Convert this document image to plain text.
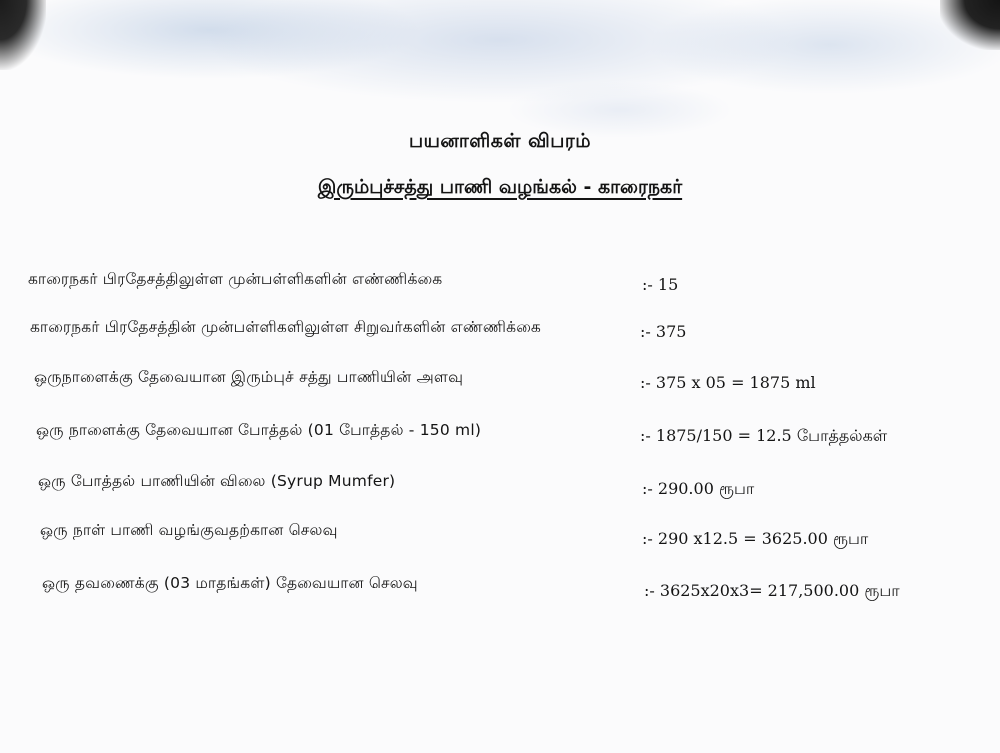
பயனாளிகள் விபரம்
இரும்புச்சத்து பாணி வழங்கல் - காரைநகர்
காரைநகர் பிரதேசத்திலுள்ள முன்பள்ளிகளின் எண்ணிக்கை	:- 15
காரைநகர் பிரதேசத்தின் முன்பள்ளிகளிலுள்ள சிறுவர்களின் எண்ணிக்கை	:- 375
ஒருநாளைக்கு தேவையான இரும்புச் சத்து பாணியின் அளவு	:- 375 x 05 = 1875 ml
ஒரு நாளைக்கு தேவையான போத்தல் (01 போத்தல் - 150 ml)	:- 1875/150 = 12.5 போத்தல்கள்
ஒரு போத்தல் பாணியின் விலை (Syrup Mumfer)	:- 290.00 ரூபா
ஒரு நாள் பாணி வழங்குவதற்கான செலவு	:- 290 x12.5 = 3625.00 ரூபா
ஒரு தவணைக்கு (03 மாதங்கள்) தேவையான செலவு	:- 3625x20x3= 217,500.00 ரூபா
